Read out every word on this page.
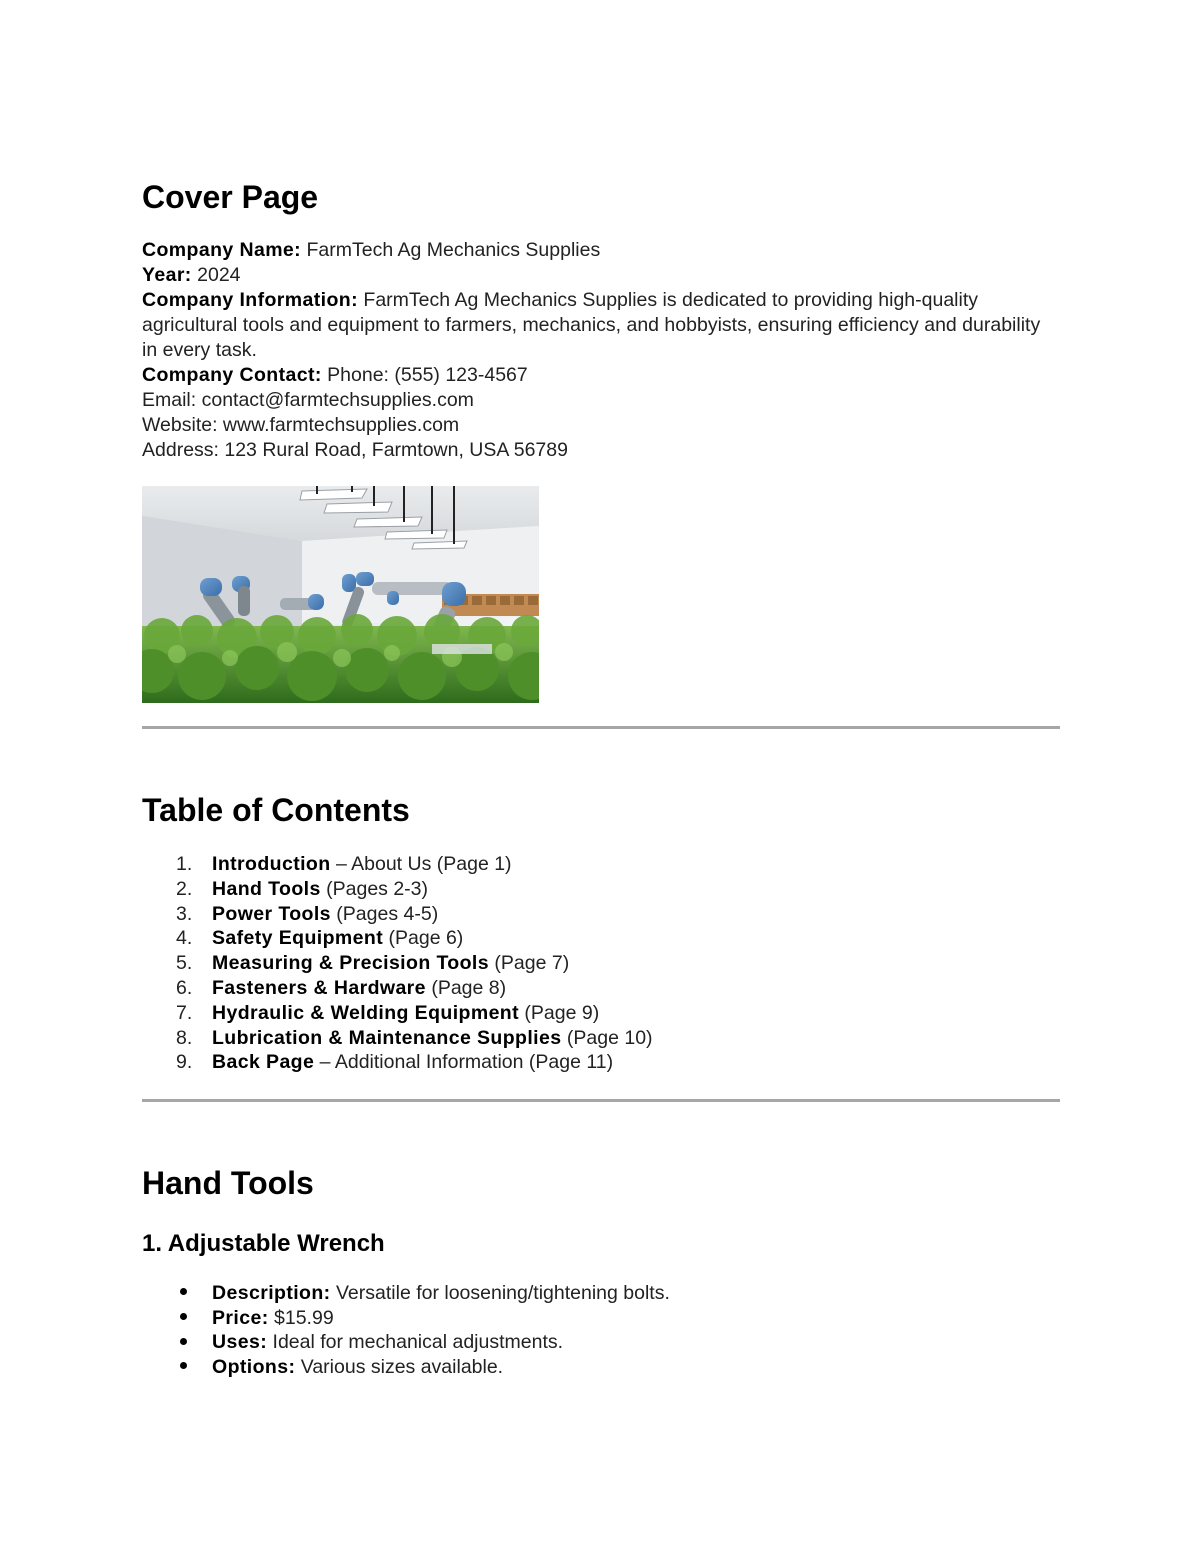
Cover Page

Company Name: FarmTech Ag Mechanics Supplies

Year: 2024

Company Information: FarmTech Ag Mechanics Supplies is dedicated to providing high-quality agricultural tools and equipment to farmers, mechanics, and hobbyists, ensuring efficiency and durability in every task.

Company Contact: Phone: (555) 123-4567

Email: contact@farmtechsupplies.com

Website: www.farmtechsupplies.com

Address: 123 Rural Road, Farmtown, USA 56789

Table of Contents
1. Introduction – About Us (Page 1)
2. Hand Tools (Pages 2-3)
3. Power Tools (Pages 4-5)
4. Safety Equipment (Page 6)
5. Measuring & Precision Tools (Page 7)
6. Fasteners & Hardware (Page 8)
7. Hydraulic & Welding Equipment (Page 9)
8. Lubrication & Maintenance Supplies (Page 10)
9. Back Page – Additional Information (Page 11)
Hand Tools
1. Adjustable Wrench
Description: Versatile for loosening/tightening bolts.
Price: $15.99
Uses: Ideal for mechanical adjustments.
Options: Various sizes available.
